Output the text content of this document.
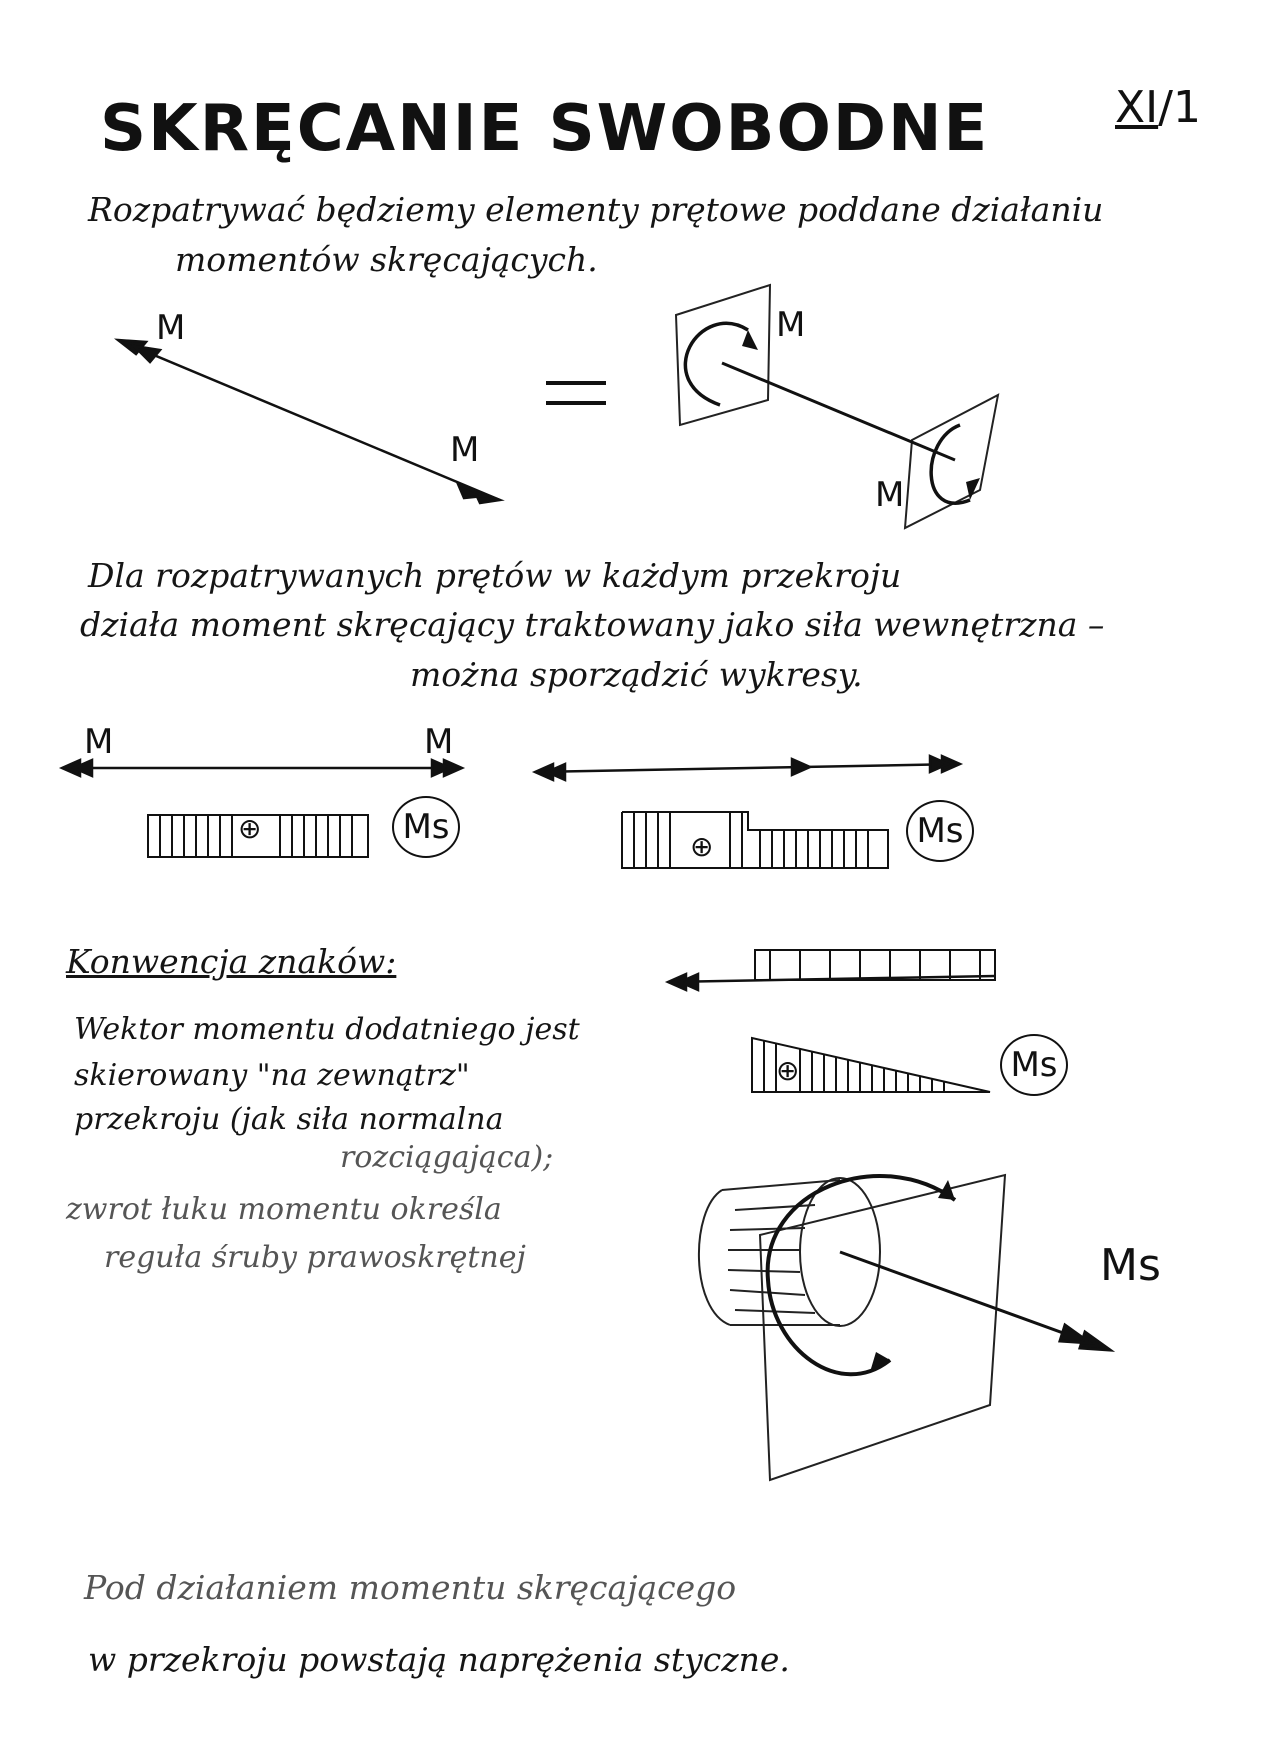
SKRĘCANIE SWOBODNE	XI/1
Rozpatrywać będziemy elementy prętowe poddane działaniu
momentów skręcających.
M
M
M
M
Dla rozpatrywanych prętów w każdym przekroju
działa moment skręcający traktowany jako siła wewnętrzna –
można sporządzić wykresy.
M	M
⊕	Ms	⊕	Ms
⊕	Ms
Konwencja znaków:
Wektor momentu dodatniego jest
skierowany "na zewnątrz"
przekroju (jak siła normalna
rozciągająca);
zwrot łuku momentu określa
reguła śruby prawoskrętnej	Ms
Pod działaniem momentu skręcającego
w przekroju powstają naprężenia styczne.
